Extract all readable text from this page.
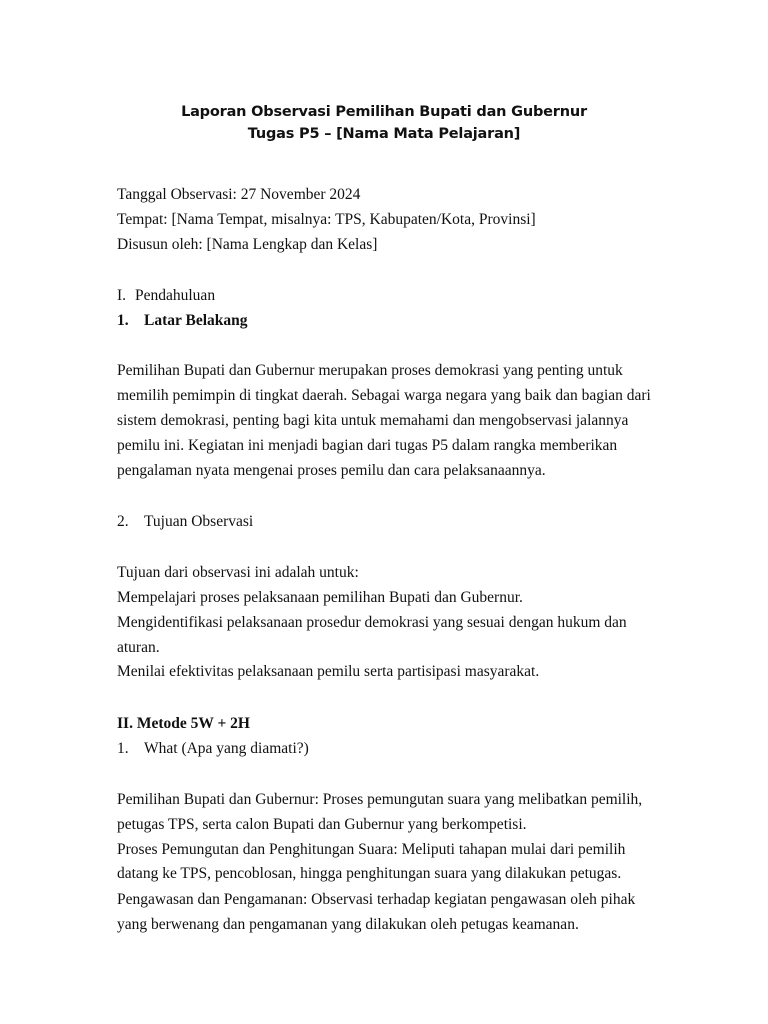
Laporan Observasi Pemilihan Bupati dan Gubernur
Tugas P5 – [Nama Mata Pelajaran]
Tanggal Observasi: 27 November 2024
Tempat: [Nama Tempat, misalnya: TPS, Kabupaten/Kota, Provinsi]
Disusun oleh: [Nama Lengkap dan Kelas]
I. Pendahuluan
1. Latar Belakang
Pemilihan Bupati dan Gubernur merupakan proses demokrasi yang penting untuk
memilih pemimpin di tingkat daerah. Sebagai warga negara yang baik dan bagian dari
sistem demokrasi, penting bagi kita untuk memahami dan mengobservasi jalannya
pemilu ini. Kegiatan ini menjadi bagian dari tugas P5 dalam rangka memberikan
pengalaman nyata mengenai proses pemilu dan cara pelaksanaannya.
2. Tujuan Observasi
Tujuan dari observasi ini adalah untuk:
Mempelajari proses pelaksanaan pemilihan Bupati dan Gubernur.
Mengidentifikasi pelaksanaan prosedur demokrasi yang sesuai dengan hukum dan
aturan.
Menilai efektivitas pelaksanaan pemilu serta partisipasi masyarakat.
II. Metode 5W + 2H
1. What (Apa yang diamati?)
Pemilihan Bupati dan Gubernur: Proses pemungutan suara yang melibatkan pemilih,
petugas TPS, serta calon Bupati dan Gubernur yang berkompetisi.
Proses Pemungutan dan Penghitungan Suara: Meliputi tahapan mulai dari pemilih
datang ke TPS, pencoblosan, hingga penghitungan suara yang dilakukan petugas.
Pengawasan dan Pengamanan: Observasi terhadap kegiatan pengawasan oleh pihak
yang berwenang dan pengamanan yang dilakukan oleh petugas keamanan.
